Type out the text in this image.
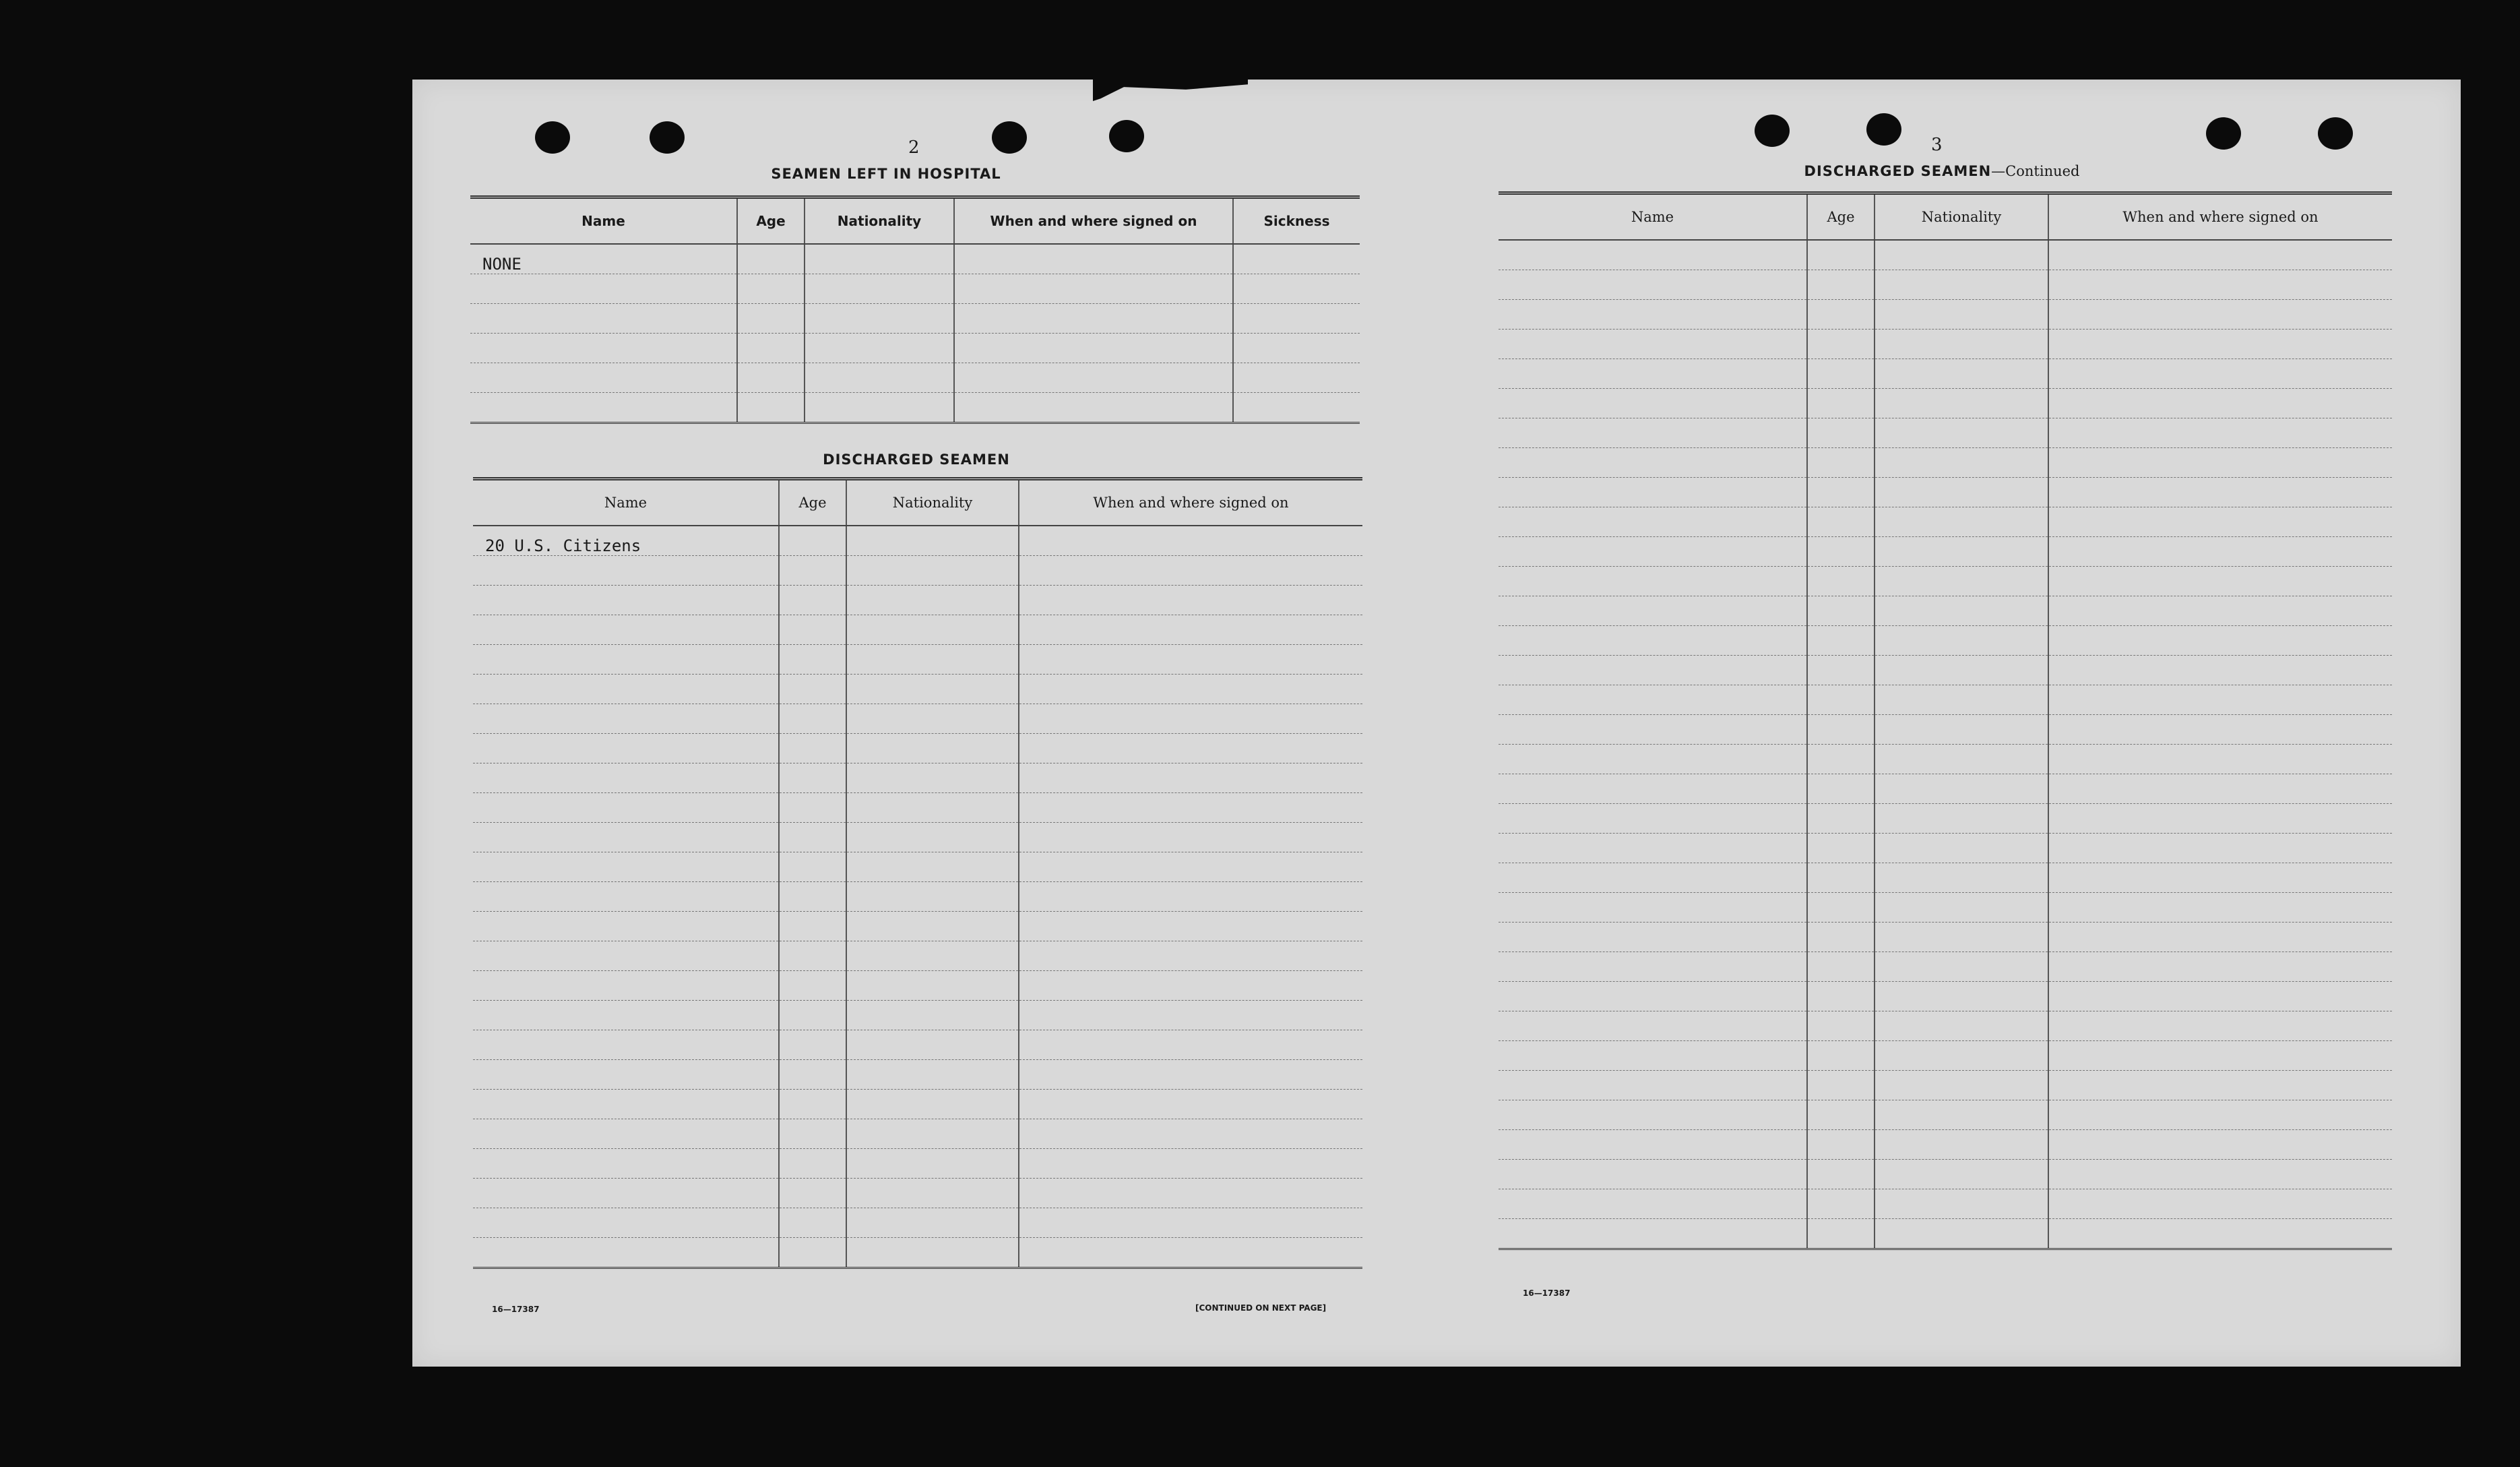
2
SEAMEN LEFT IN HOSPITAL
Name	Age	Nationality	When and where signed on	Sickness
NONE				

DISCHARGED SEAMEN
Name	Age	Nationality	When and where signed on
20 U.S. Citizens			

16—17387	[CONTINUED ON NEXT PAGE]
3
DISCHARGED SEAMEN—Continued
Name	Age	Nationality	When and where signed on

16—17387
